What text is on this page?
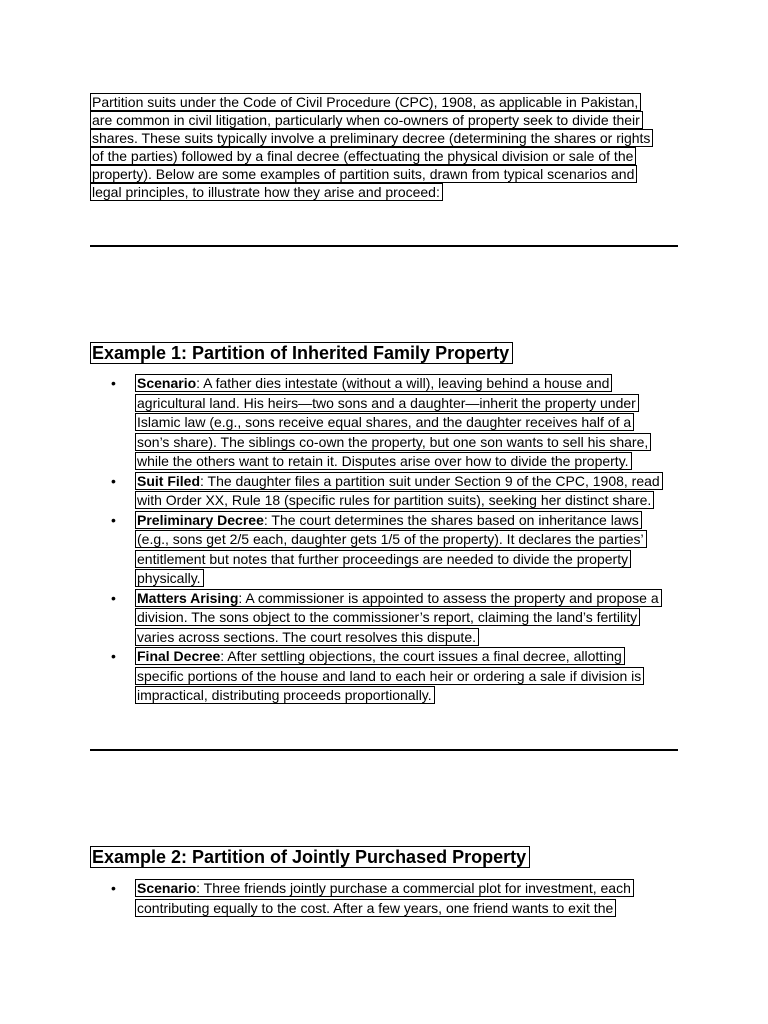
Partition suits under the Code of Civil Procedure (CPC), 1908, as applicable in Pakistan,
are common in civil litigation, particularly when co-owners of property seek to divide their
shares. These suits typically involve a preliminary decree (determining the shares or rights
of the parties) followed by a final decree (effectuating the physical division or sale of the
property). Below are some examples of partition suits, drawn from typical scenarios and
legal principles, to illustrate how they arise and proceed:
Example 1: Partition of Inherited Family Property
• Scenario: A father dies intestate (without a will), leaving behind a house and
agricultural land. His heirs—two sons and a daughter—inherit the property under
Islamic law (e.g., sons receive equal shares, and the daughter receives half of a
son’s share). The siblings co-own the property, but one son wants to sell his share,
while the others want to retain it. Disputes arise over how to divide the property.
• Suit Filed: The daughter files a partition suit under Section 9 of the CPC, 1908, read
with Order XX, Rule 18 (specific rules for partition suits), seeking her distinct share.
• Preliminary Decree: The court determines the shares based on inheritance laws
(e.g., sons get 2/5 each, daughter gets 1/5 of the property). It declares the parties’
entitlement but notes that further proceedings are needed to divide the property
physically.
• Matters Arising: A commissioner is appointed to assess the property and propose a
division. The sons object to the commissioner’s report, claiming the land’s fertility
varies across sections. The court resolves this dispute.
• Final Decree: After settling objections, the court issues a final decree, allotting
specific portions of the house and land to each heir or ordering a sale if division is
impractical, distributing proceeds proportionally.
Example 2: Partition of Jointly Purchased Property
• Scenario: Three friends jointly purchase a commercial plot for investment, each
contributing equally to the cost. After a few years, one friend wants to exit the
